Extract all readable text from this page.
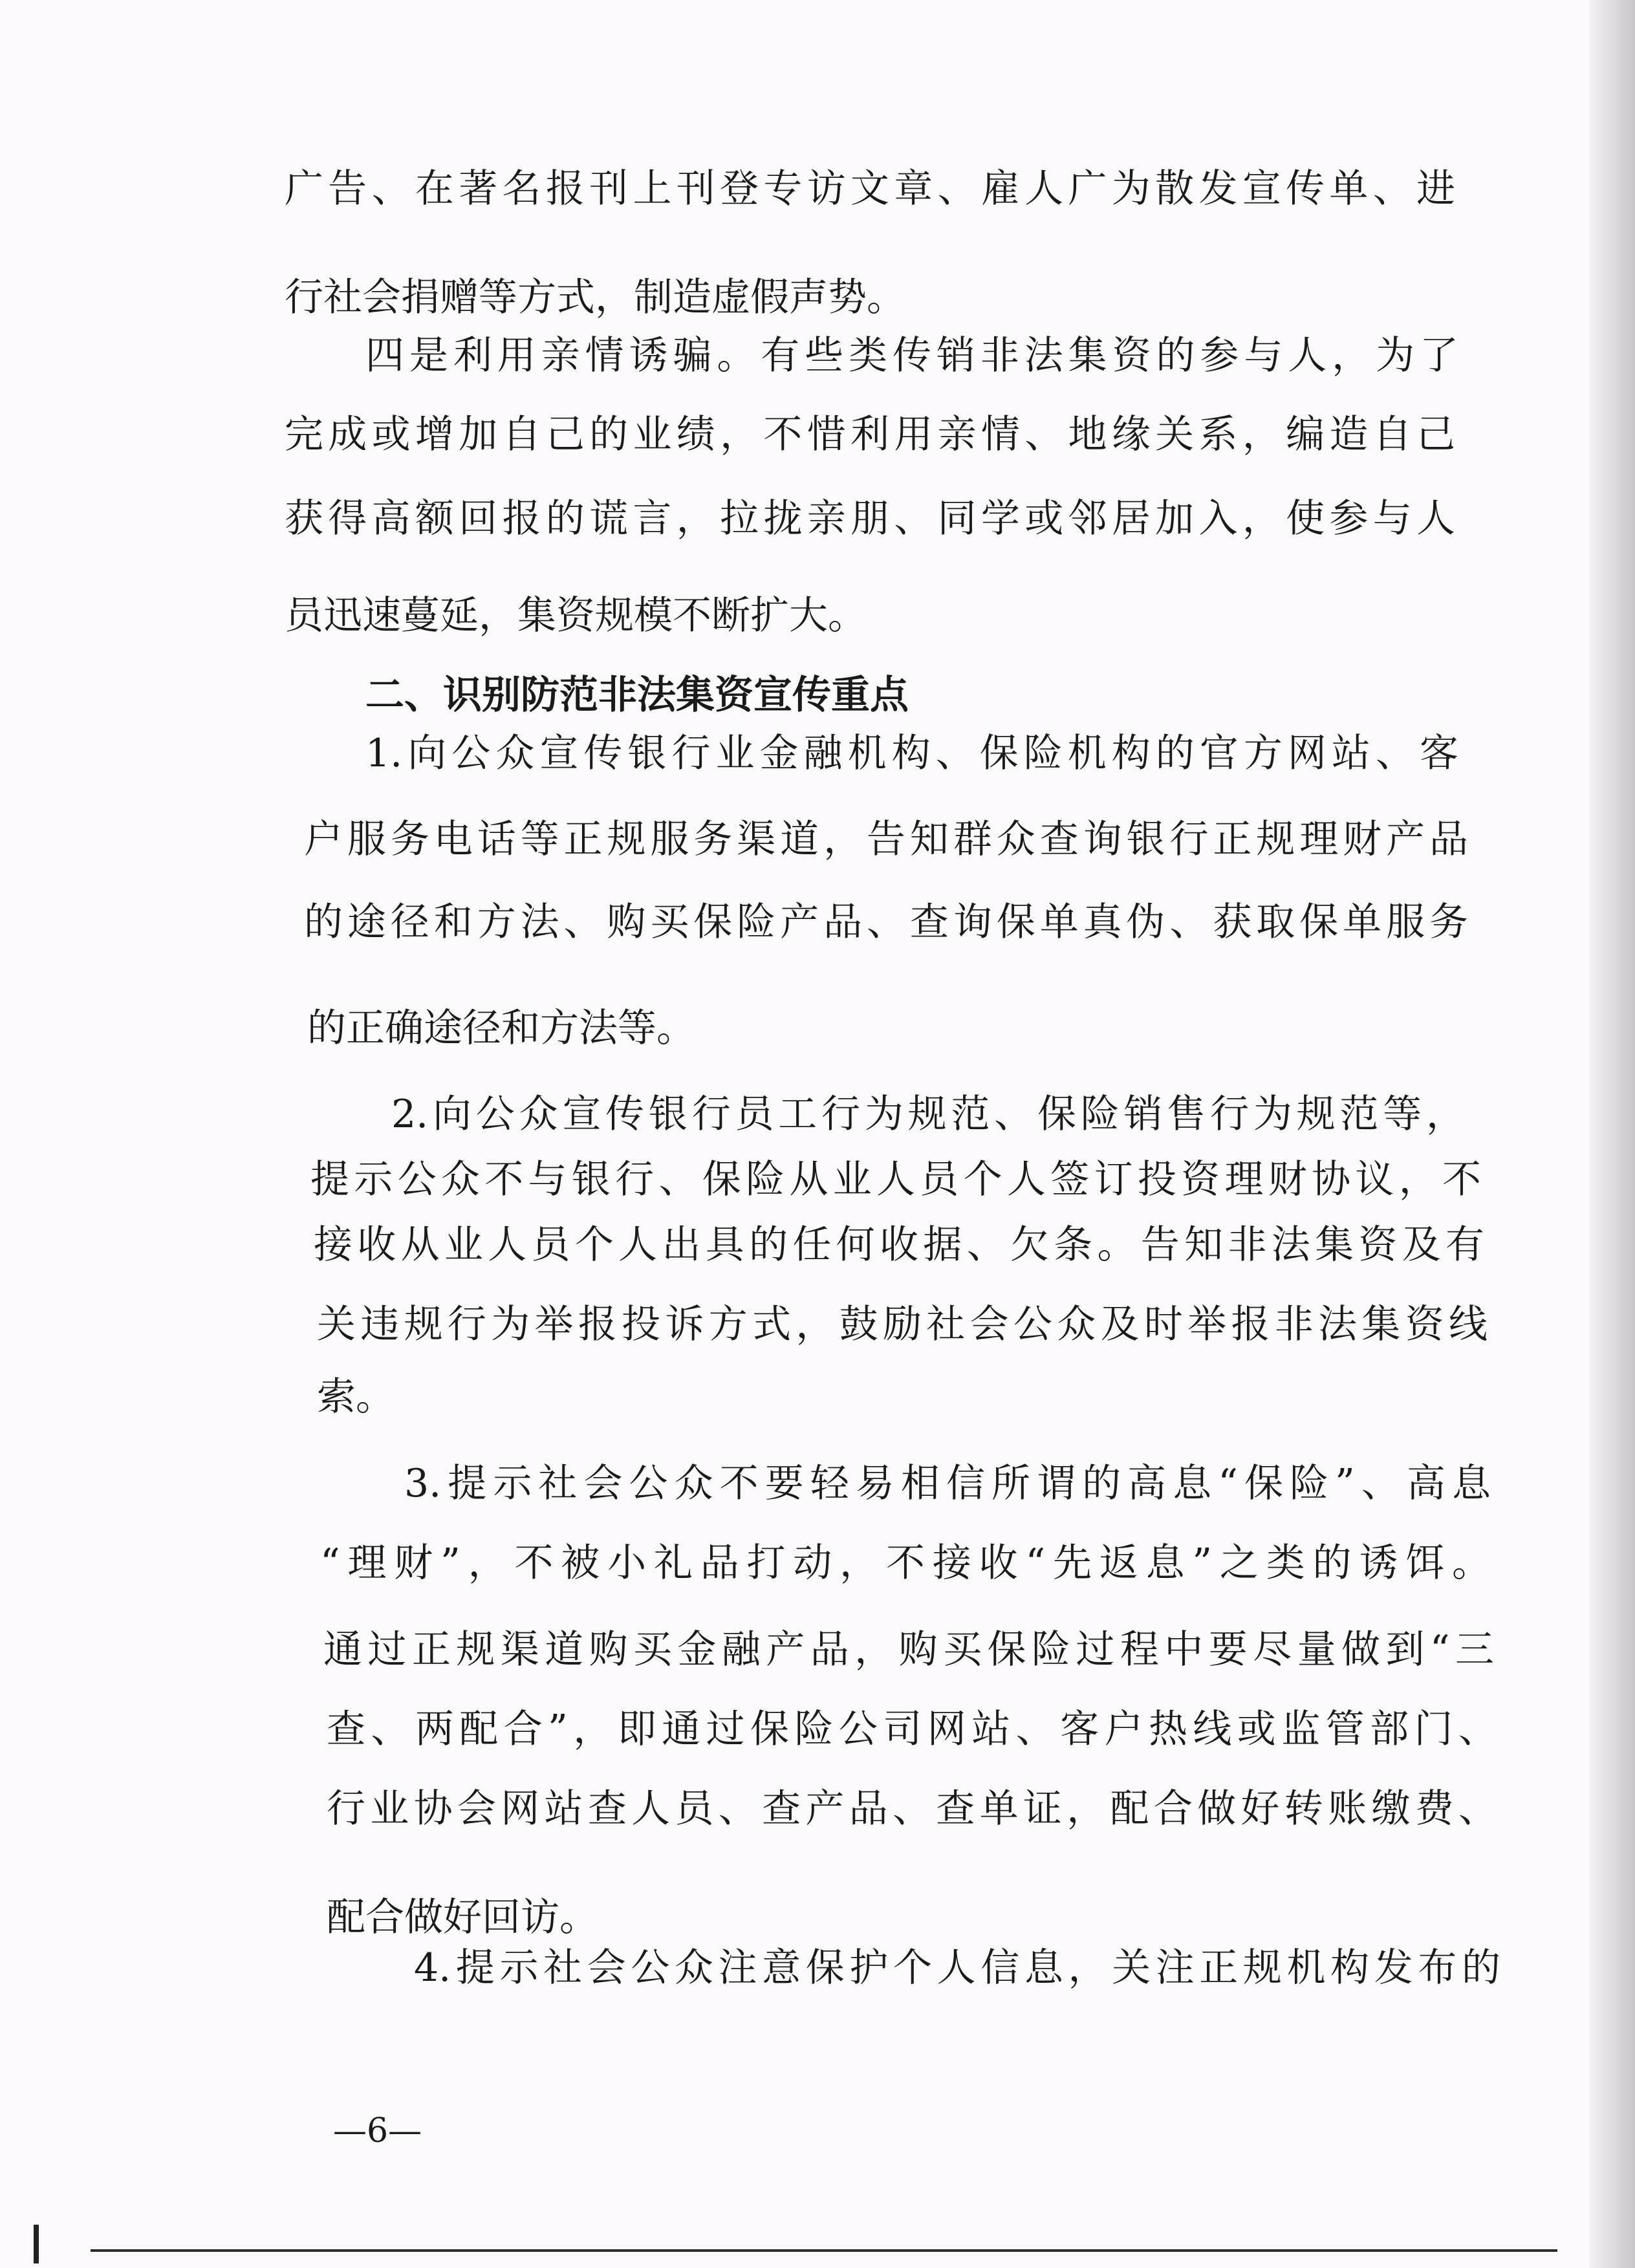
广告、在著名报刊上刊登专访文章、雇人广为散发宣传单、进
行社会捐赠等方式，制造虚假声势。
四是利用亲情诱骗。有些类传销非法集资的参与人，为了
完成或增加自己的业绩，不惜利用亲情、地缘关系，编造自己
获得高额回报的谎言，拉拢亲朋、同学或邻居加入，使参与人
员迅速蔓延，集资规模不断扩大。
二、识别防范非法集资宣传重点
1.向公众宣传银行业金融机构、保险机构的官方网站、客
户服务电话等正规服务渠道，告知群众查询银行正规理财产品
的途径和方法、购买保险产品、查询保单真伪、获取保单服务
的正确途径和方法等。
2.向公众宣传银行员工行为规范、保险销售行为规范等，
提示公众不与银行、保险从业人员个人签订投资理财协议，不
接收从业人员个人出具的任何收据、欠条。告知非法集资及有
关违规行为举报投诉方式，鼓励社会公众及时举报非法集资线
索。
3.提示社会公众不要轻易相信所谓的高息“保险”、高息
“理财”，不被小礼品打动，不接收“先返息”之类的诱饵。
通过正规渠道购买金融产品，购买保险过程中要尽量做到“三
查、两配合”，即通过保险公司网站、客户热线或监管部门、
行业协会网站查人员、查产品、查单证，配合做好转账缴费、
配合做好回访。
4.提示社会公众注意保护个人信息，关注正规机构发布的
—6—
